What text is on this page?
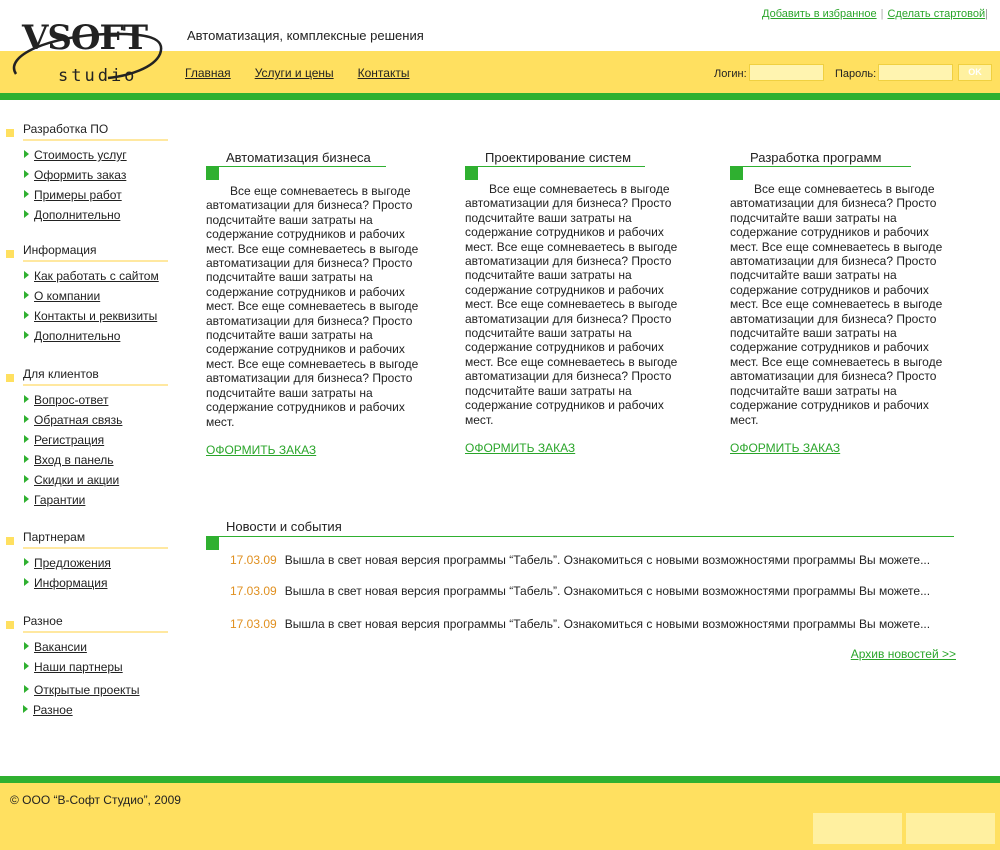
Добавить в избранное | Сделать стартовой|
VSOFT
studio
Автоматизация, комплексные решения
Главная Услуги и цены Контакты	Логин:	Пароль:	OK
Разработка ПО
Стоимость услуг
Оформить заказ
Примеры работ
Дополнительно
Информация
Как работать с сайтом
О компании
Контакты и реквизиты
Дополнительно
Для клиентов
Вопрос-ответ
Обратная связь
Регистрация
Вход в панель
Скидки и акции
Гарантии
Партнерам
Предложения
Информация
Разное
Вакансии
Наши партнеры
Открытые проекты
Разное
Автоматизация бизнеса
Все еще сомневаетесь в выгоде автоматизации для бизнеса? Просто подсчитайте ваши затраты на содержание сотрудников и рабочих мест. Все еще сомневаетесь в выгоде автоматизации для бизнеса? Просто подсчитайте ваши затраты на содержание сотрудников и рабочих мест. Все еще сомневаетесь в выгоде автоматизации для бизнеса? Просто подсчитайте ваши затраты на содержание сотрудников и рабочих мест. Все еще сомневаетесь в выгоде автоматизации для бизнеса? Просто подсчитайте ваши затраты на содержание сотрудников и рабочих мест.
ОФОРМИТЬ ЗАКАЗ
Проектирование систем
Все еще сомневаетесь в выгоде автоматизации для бизнеса? Просто подсчитайте ваши затраты на содержание сотрудников и рабочих мест. Все еще сомневаетесь в выгоде автоматизации для бизнеса? Просто подсчитайте ваши затраты на содержание сотрудников и рабочих мест. Все еще сомневаетесь в выгоде автоматизации для бизнеса? Просто подсчитайте ваши затраты на содержание сотрудников и рабочих мест. Все еще сомневаетесь в выгоде автоматизации для бизнеса? Просто подсчитайте ваши затраты на содержание сотрудников и рабочих мест.
ОФОРМИТЬ ЗАКАЗ
Разработка программ
Все еще сомневаетесь в выгоде автоматизации для бизнеса? Просто подсчитайте ваши затраты на содержание сотрудников и рабочих мест. Все еще сомневаетесь в выгоде автоматизации для бизнеса? Просто подсчитайте ваши затраты на содержание сотрудников и рабочих мест. Все еще сомневаетесь в выгоде автоматизации для бизнеса? Просто подсчитайте ваши затраты на содержание сотрудников и рабочих мест. Все еще сомневаетесь в выгоде автоматизации для бизнеса? Просто подсчитайте ваши затраты на содержание сотрудников и рабочих мест.
ОФОРМИТЬ ЗАКАЗ
Новости и события
17.03.09 Вышла в свет новая версия программы “Табель”. Ознакомиться с новыми возможностями программы Вы можете...
17.03.09 Вышла в свет новая версия программы “Табель”. Ознакомиться с новыми возможностями программы Вы можете...
17.03.09 Вышла в свет новая версия программы “Табель”. Ознакомиться с новыми возможностями программы Вы можете...
Архив новостей >>
© ООО “В-Софт Студио”, 2009
